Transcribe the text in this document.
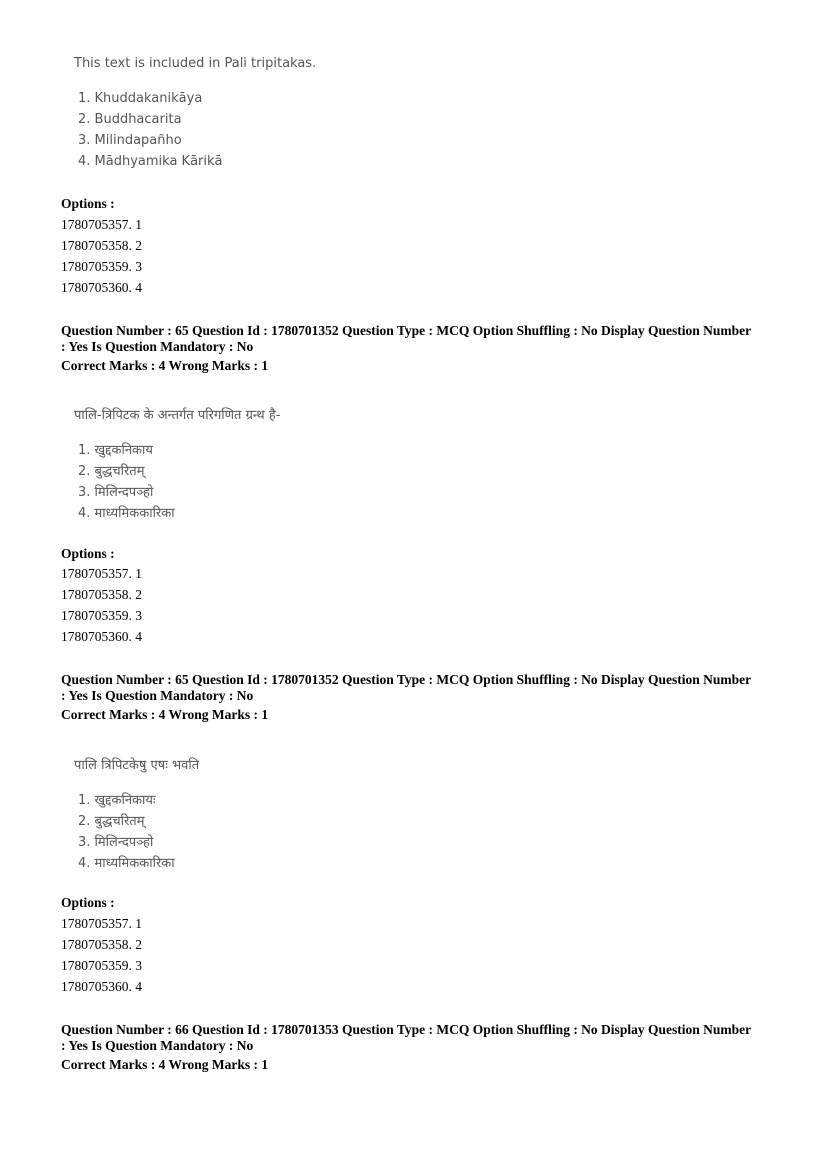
This text is included in Pali tripitakas.
1. Khuddakanikāya
2. Buddhacarita
3. Milindapañho
4. Mādhyamika Kārikā
Options :
1780705357. 1
1780705358. 2
1780705359. 3
1780705360. 4
Question Number : 65 Question Id : 1780701352 Question Type : MCQ Option Shuffling : No Display Question Number
: Yes Is Question Mandatory : No
Correct Marks : 4 Wrong Marks : 1
पालि-त्रिपिटक के अन्तर्गत परिगणित ग्रन्थ है-
1. खुद्दकनिकाय
2. बुद्धचरितम्
3. मिलिन्दपञ्हो
4. माध्यमिककारिका
Options :
1780705357. 1
1780705358. 2
1780705359. 3
1780705360. 4
Question Number : 65 Question Id : 1780701352 Question Type : MCQ Option Shuffling : No Display Question Number
: Yes Is Question Mandatory : No
Correct Marks : 4 Wrong Marks : 1
पालि त्रिपिटकेषु एषः भवति
1. खुद्दकनिकायः
2. बुद्धचरितम्
3. मिलिन्दपञ्हो
4. माध्यमिककारिका
Options :
1780705357. 1
1780705358. 2
1780705359. 3
1780705360. 4
Question Number : 66 Question Id : 1780701353 Question Type : MCQ Option Shuffling : No Display Question Number
: Yes Is Question Mandatory : No
Correct Marks : 4 Wrong Marks : 1
